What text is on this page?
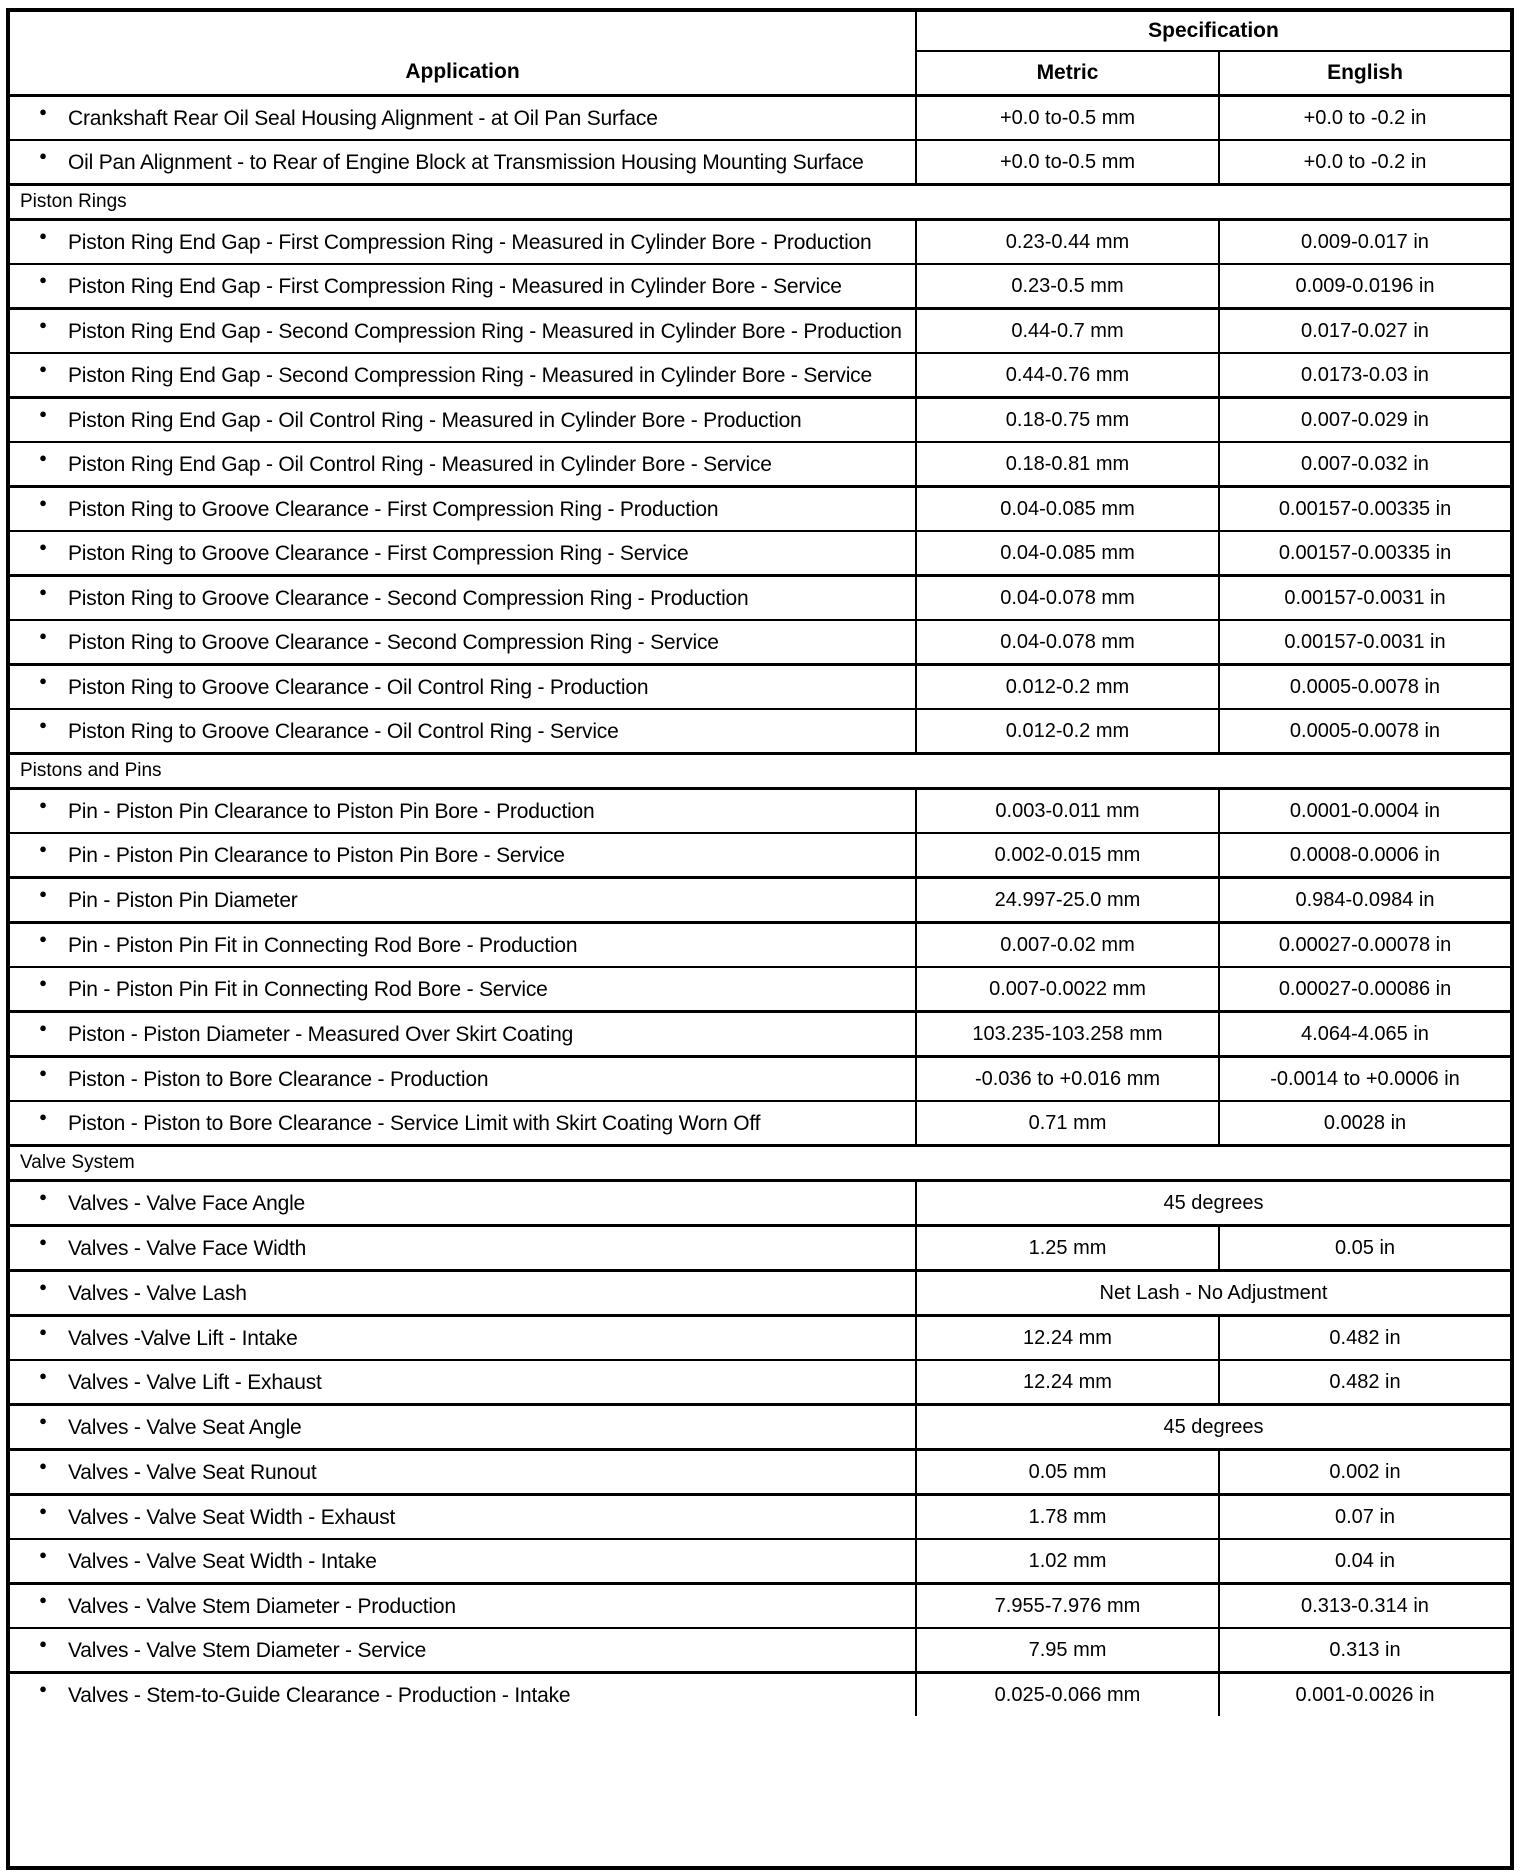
Application
Specification
Metric	English
●	Crankshaft Rear Oil Seal Housing Alignment - at Oil Pan Surface	+0.0 to-0.5 mm	+0.0 to -0.2 in
●	Oil Pan Alignment - to Rear of Engine Block at Transmission Housing Mounting Surface	+0.0 to-0.5 mm	+0.0 to -0.2 in
Piston Rings
●	Piston Ring End Gap - First Compression Ring - Measured in Cylinder Bore - Production	0.23-0.44 mm	0.009-0.017 in
●	Piston Ring End Gap - First Compression Ring - Measured in Cylinder Bore - Service	0.23-0.5 mm	0.009-0.0196 in
●	Piston Ring End Gap - Second Compression Ring - Measured in Cylinder Bore - Production	0.44-0.7 mm	0.017-0.027 in
●	Piston Ring End Gap - Second Compression Ring - Measured in Cylinder Bore - Service	0.44-0.76 mm	0.0173-0.03 in
●	Piston Ring End Gap - Oil Control Ring - Measured in Cylinder Bore - Production	0.18-0.75 mm	0.007-0.029 in
●	Piston Ring End Gap - Oil Control Ring - Measured in Cylinder Bore - Service	0.18-0.81 mm	0.007-0.032 in
●	Piston Ring to Groove Clearance - First Compression Ring - Production	0.04-0.085 mm	0.00157-0.00335 in
●	Piston Ring to Groove Clearance - First Compression Ring - Service	0.04-0.085 mm	0.00157-0.00335 in
●	Piston Ring to Groove Clearance - Second Compression Ring - Production	0.04-0.078 mm	0.00157-0.0031 in
●	Piston Ring to Groove Clearance - Second Compression Ring - Service	0.04-0.078 mm	0.00157-0.0031 in
●	Piston Ring to Groove Clearance - Oil Control Ring - Production	0.012-0.2 mm	0.0005-0.0078 in
●	Piston Ring to Groove Clearance - Oil Control Ring - Service	0.012-0.2 mm	0.0005-0.0078 in
Pistons and Pins
●	Pin - Piston Pin Clearance to Piston Pin Bore - Production	0.003-0.011 mm	0.0001-0.0004 in
●	Pin - Piston Pin Clearance to Piston Pin Bore - Service	0.002-0.015 mm	0.0008-0.0006 in
●	Pin - Piston Pin Diameter	24.997-25.0 mm	0.984-0.0984 in
●	Pin - Piston Pin Fit in Connecting Rod Bore - Production	0.007-0.02 mm	0.00027-0.00078 in
●	Pin - Piston Pin Fit in Connecting Rod Bore - Service	0.007-0.0022 mm	0.00027-0.00086 in
●	Piston - Piston Diameter - Measured Over Skirt Coating	103.235-103.258 mm	4.064-4.065 in
●	Piston - Piston to Bore Clearance - Production	-0.036 to +0.016 mm	-0.0014 to +0.0006 in
●	Piston - Piston to Bore Clearance - Service Limit with Skirt Coating Worn Off	0.71 mm	0.0028 in
Valve System
●	Valves - Valve Face Angle	45 degrees
●	Valves - Valve Face Width	1.25 mm	0.05 in
●	Valves - Valve Lash	Net Lash - No Adjustment
●	Valves -Valve Lift - Intake	12.24 mm	0.482 in
●	Valves - Valve Lift - Exhaust	12.24 mm	0.482 in
●	Valves - Valve Seat Angle	45 degrees
●	Valves - Valve Seat Runout	0.05 mm	0.002 in
●	Valves - Valve Seat Width - Exhaust	1.78 mm	0.07 in
●	Valves - Valve Seat Width - Intake	1.02 mm	0.04 in
●	Valves - Valve Stem Diameter - Production	7.955-7.976 mm	0.313-0.314 in
●	Valves - Valve Stem Diameter - Service	7.95 mm	0.313 in
●	Valves - Stem-to-Guide Clearance - Production - Intake	0.025-0.066 mm	0.001-0.0026 in
